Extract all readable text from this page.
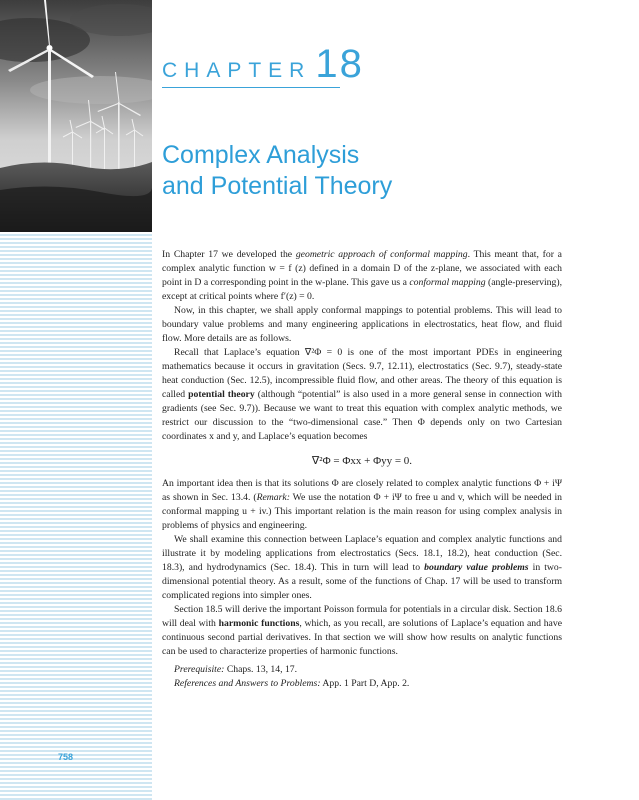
CHAPTER 18
Complex Analysis
and Potential Theory

In Chapter 17 we developed the geometric approach of conformal mapping. This meant that, for a complex analytic function w = f (z) defined in a domain D of the z-plane, we associated with each point in D a corresponding point in the w-plane. This gave us a conformal mapping (angle-preserving), except at critical points where f′(z) = 0.

Now, in this chapter, we shall apply conformal mappings to potential problems. This will lead to boundary value problems and many engineering applications in electrostatics, heat flow, and fluid flow. More details are as follows.

Recall that Laplace’s equation ∇²Φ = 0 is one of the most important PDEs in engineering mathematics because it occurs in gravitation (Secs. 9.7, 12.11), electrostatics (Sec. 9.7), steady-state heat conduction (Sec. 12.5), incompressible fluid flow, and other areas. The theory of this equation is called potential theory (although “potential” is also used in a more general sense in connection with gradients (see Sec. 9.7)). Because we want to treat this equation with complex analytic methods, we restrict our discussion to the “two-dimensional case.” Then Φ depends only on two Cartesian coordinates x and y, and Laplace’s equation becomes

∇²Φ = Φxx + Φyy = 0.

An important idea then is that its solutions Φ are closely related to complex analytic functions Φ + iΨ as shown in Sec. 13.4. (Remark: We use the notation Φ + iΨ to free u and v, which will be needed in conformal mapping u + iv.) This important relation is the main reason for using complex analysis in problems of physics and engineering.

We shall examine this connection between Laplace’s equation and complex analytic functions and illustrate it by modeling applications from electrostatics (Secs. 18.1, 18.2), heat conduction (Sec. 18.3), and hydrodynamics (Sec. 18.4). This in turn will lead to boundary value problems in two-dimensional potential theory. As a result, some of the functions of Chap. 17 will be used to transform complicated regions into simpler ones.

Section 18.5 will derive the important Poisson formula for potentials in a circular disk. Section 18.6 will deal with harmonic functions, which, as you recall, are solutions of Laplace’s equation and have continuous second partial derivatives. In that section we will show how results on analytic functions can be used to characterize properties of harmonic functions.

Prerequisite: Chaps. 13, 14, 17.

References and Answers to Problems: App. 1 Part D, App. 2.

758
